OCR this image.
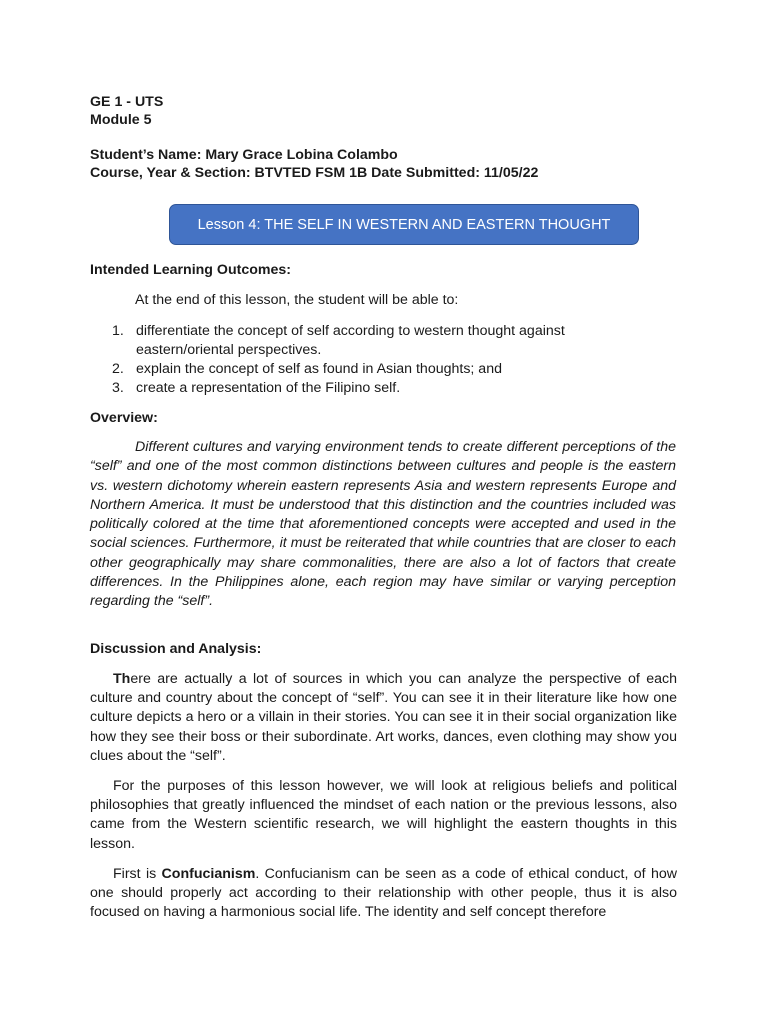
GE 1 - UTS
Module 5
Student’s Name: Mary Grace Lobina Colambo
Course, Year & Section: BTVTED FSM 1B Date Submitted: 11/05/22
Lesson 4: THE SELF IN WESTERN AND EASTERN THOUGHT
Intended Learning Outcomes:
At the end of this lesson, the student will be able to:
1. differentiate the concept of self according to western thought against eastern/oriental perspectives.
2. explain the concept of self as found in Asian thoughts; and
3. create a representation of the Filipino self.
Overview:

Different cultures and varying environment tends to create different perceptions of the “self” and one of the most common distinctions between cultures and people is the eastern vs. western dichotomy wherein eastern represents Asia and western represents Europe and Northern America. It must be understood that this distinction and the countries included was politically colored at the time that aforementioned concepts were accepted and used in the social sciences. Furthermore, it must be reiterated that while countries that are closer to each other geographically may share commonalities, there are also a lot of factors that create differences. In the Philippines alone, each region may have similar or varying perception regarding the “self”.

Discussion and Analysis:

There are actually a lot of sources in which you can analyze the perspective of each culture and country about the concept of “self”. You can see it in their literature like how one culture depicts a hero or a villain in their stories. You can see it in their social organization like how they see their boss or their subordinate. Art works, dances, even clothing may show you clues about the “self”.

For the purposes of this lesson however, we will look at religious beliefs and political philosophies that greatly influenced the mindset of each nation or the previous lessons, also came from the Western scientific research, we will highlight the eastern thoughts in this lesson.

First is Confucianism. Confucianism can be seen as a code of ethical conduct, of how one should properly act according to their relationship with other people, thus it is also focused on having a harmonious social life. The identity and self concept therefore
